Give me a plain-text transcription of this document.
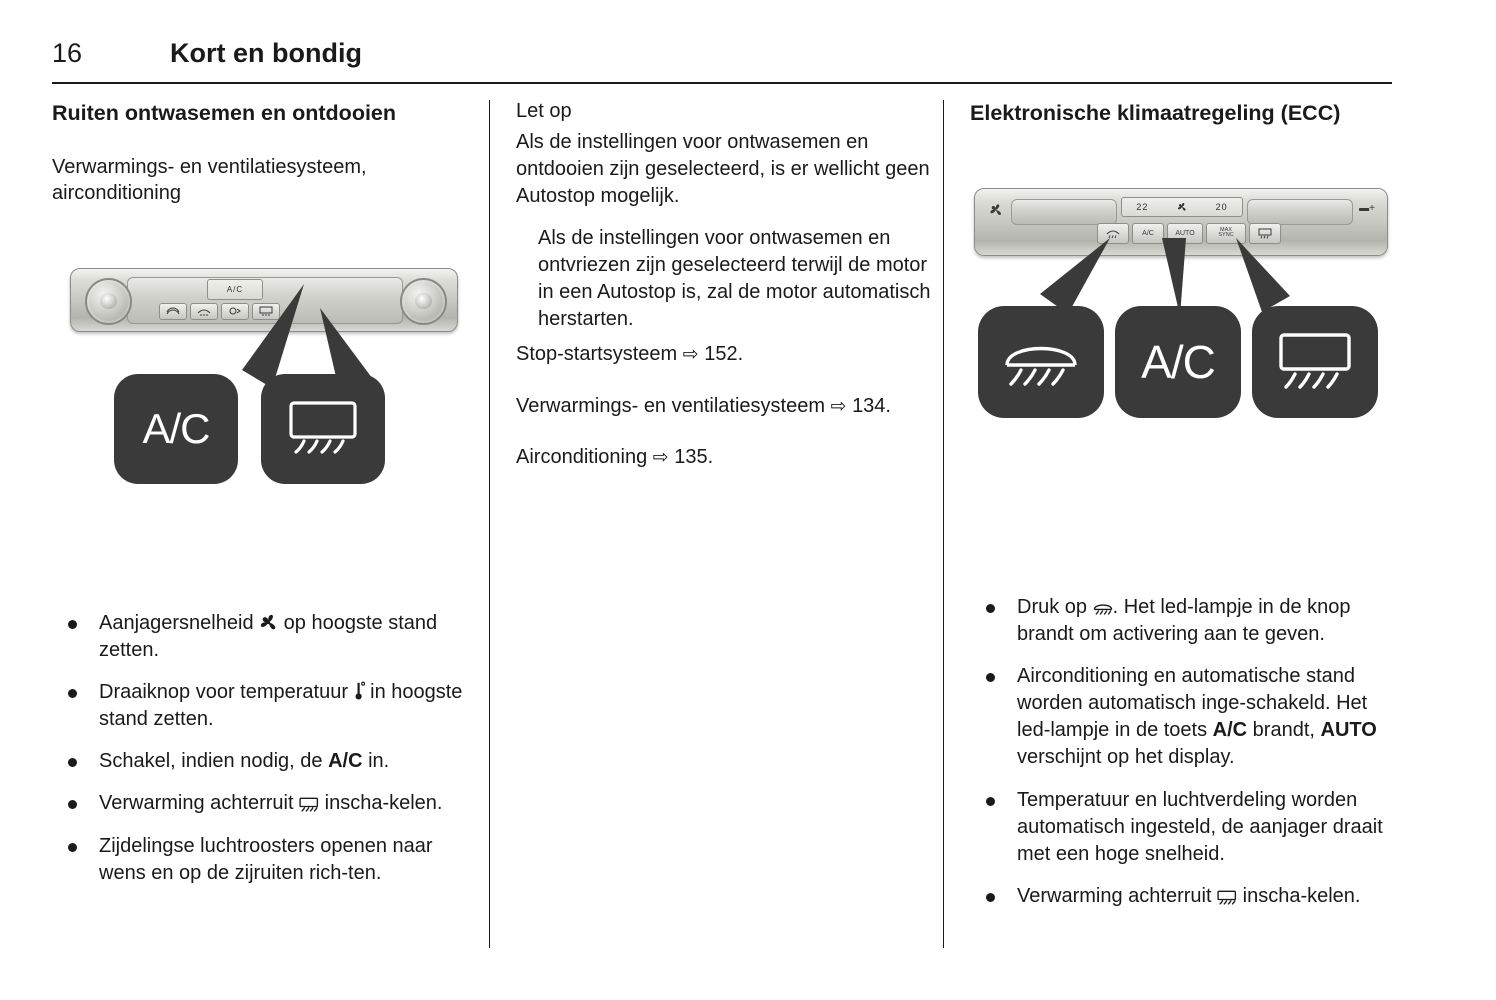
16	Kort en bondig
Ruiten ontwasemen en ontdooien
Verwarmings- en ventilatiesysteem, airconditioning
A/C
A/C
Aanjagersnelheid  op hoogste stand zetten.
Draaiknop voor temperatuur  in hoogste stand zetten.
Schakel, indien nodig, de A/C in.
Verwarming achterruit  inscha-kelen.
Zijdelingse luchtroosters openen naar wens en op de zijruiten rich-ten.
Let op

Als de instellingen voor ontwasemen en ontdooien zijn geselecteerd, is er wellicht geen Autostop mogelijk.

Als de instellingen voor ontwasemen en ontvriezen zijn geselecteerd terwijl de motor in een Autostop is, zal de motor automatisch herstarten.

Stop-startsysteem ⇨ 152.

Verwarmings- en ventilatiesysteem ⇨ 134.

Airconditioning ⇨ 135.

Elektronische klimaatregeling (ECC)
22	20	▬+
A/C	AUTO	MAX
SYNC
A/C
Druk op . Het led-lampje in de knop brandt om activering aan te geven.
Airconditioning en automatische stand worden automatisch inge-schakeld. Het led-lampje in de toets A/C brandt, AUTO verschijnt op het display.
Temperatuur en luchtverdeling worden automatisch ingesteld, de aanjager draait met een hoge snelheid.
Verwarming achterruit  inscha-kelen.
